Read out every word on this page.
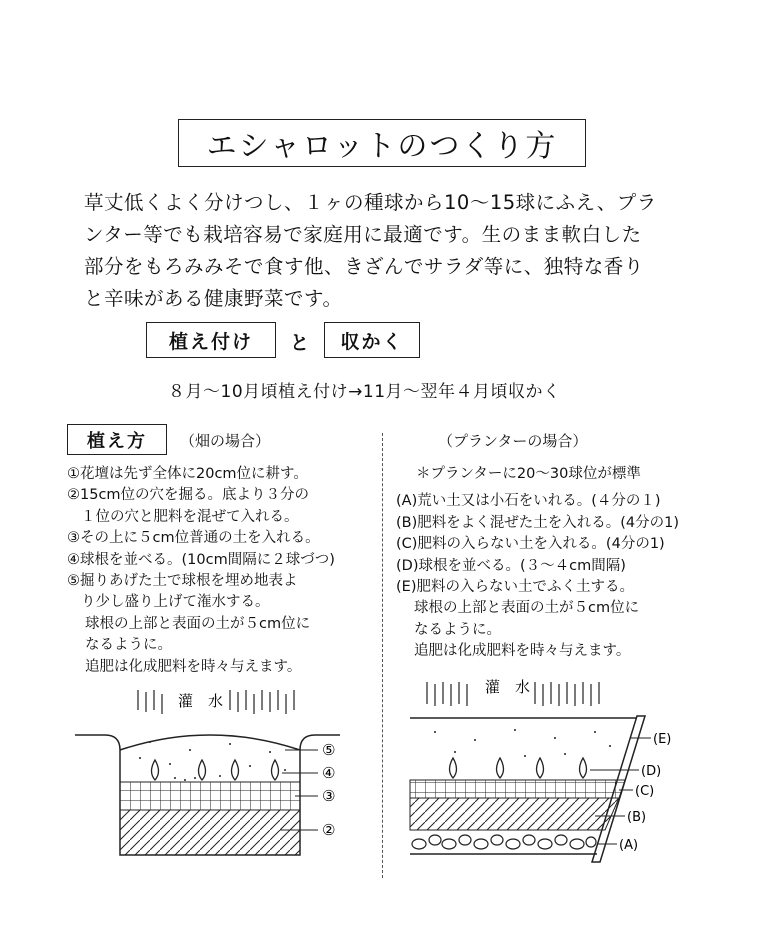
エシャロットのつくり方
草丈低くよく分けつし、１ヶの種球から10～15球にふえ、プラ
ンター等でも栽培容易で家庭用に最適です。生のまま軟白した
部分をもろみみそで食す他、きざんでサラダ等に、独特な香り
と辛味がある健康野菜です。
植え付け	と	収かく
８月～10月頃植え付け→11月～翌年４月頃収かく
植え方	（畑の場合）	（プランターの場合）
①花壇は先ず全体に20cm位に耕す。
②15cm位の穴を掘る。底より３分の
１位の穴と肥料を混ぜて入れる。
③その上に５cm位普通の土を入れる。
④球根を並べる。(10cm間隔に２球づつ)
⑤掘りあげた土で球根を埋め地表よ
り少し盛り上げて潅水する。
球根の上部と表面の土が５cm位に
なるように。
追肥は化成肥料を時々与えます。
＊プランターに20～30球位が標準
(A)荒い土又は小石をいれる。(４分の１)
(B)肥料をよく混ぜた土を入れる。(4分の1)
(C)肥料の入らない土を入れる。(4分の1)
(D)球根を並べる。(３～４cm間隔)
(E)肥料の入らない土でふく土する。
球根の上部と表面の土が５cm位に
なるように。
追肥は化成肥料を時々与えます。
灌　水
⑤
④
③
②
灌　水
(E)
(D)
(C)
(B)
(A)
